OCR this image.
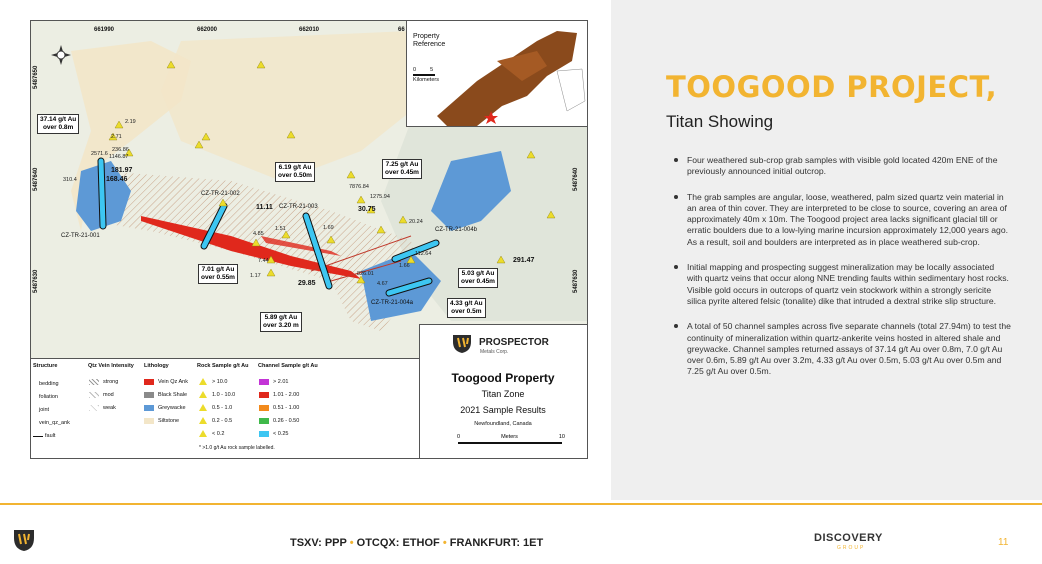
Property
Reference
0	5
Kilometers
661990	662000	662010	66
5487650
5487640
5487630
5487640
5487630
CZ-TR-21-001
CZ-TR-21-002
CZ-TR-21-003
CZ-TR-21-004b
CZ-TR-21-004a
37.14 g/t Au
over 0.8m
6.19 g/t Au
over 0.50m
7.25 g/t Au
over 0.45m
7.01 g/t Au
over 0.55m
5.89 g/t Au
over 3.20 m
5.03 g/t Au
over 0.45m
4.33 g/t Au
over 0.5m
2.19
2.71
236.86
1146.87
2571.6
181.97
168.46
310.4
11.11
4.85
1.51	1.69
7.44
1.17
29.85
7876.84
1275.94
30.75
20.24
112.64
1.66
4.67
826.01
291.47
Structure	Qtz Vein Intensity Lithology	Rock Sample g/t Au Channel Sample g/t Au
bedding
foliation
joint
vein_qz_ank
fault
strong
mod
weak
Vein Qz Ank
Black Shale
Greywacke
Siltstone
> 10.0
1.0 - 10.0
0.5 - 1.0
0.2 - 0.5
< 0.2
> 2.01
1.01 - 2.00
0.51 - 1.00
0.26 - 0.50
< 0.25
* >1.0 g/t Au rock sample labelled.
PROSPECTOR
Metals Corp.
Toogood Property
Titan Zone
2021 Sample Results
Newfoundland, Canada
0	Meters	10
TOOGOOD PROJECT,
Titan Showing
Four weathered sub-crop grab samples with visible gold located 420m ENE of the previously announced initial outcrop.
The grab samples are angular, loose, weathered, palm sized quartz vein material in an area of thin cover. They are interpreted to be close to source, covering an area of approximately 40m x 10m. The Toogood project area lacks significant glacial till or erratic boulders due to a low-lying marine incursion approximately 12,000 years ago. As a result, soil and boulders are interpreted as in place weathered sub-crop.
Initial mapping and prospecting suggest mineralization may be locally associated with quartz veins that occur along NNE trending faults within sedimentary host rocks. Visible gold occurs in outcrops of quartz vein stockwork within a strongly sericite silica pyrite altered felsic (tonalite) dike that intruded a dextral strike slip structure.
A total of 50 channel samples across five separate channels (total 27.94m) to test the continuity of mineralization within quartz-ankerite veins hosted in altered shale and greywacke. Channel samples returned assays of 37.14 g/t Au over 0.8m, 7.0 g/t Au over 0.6m, 5.89 g/t Au over 3.2m, 4.33 g/t Au over 0.5m, 5.03 g/t Au over 0.5m and 7.25 g/t Au over 0.5m.
TSXV: PPP • OTCQX: ETHOF • FRANKFURT: 1ET	DISCOVERY
GROUP	11
